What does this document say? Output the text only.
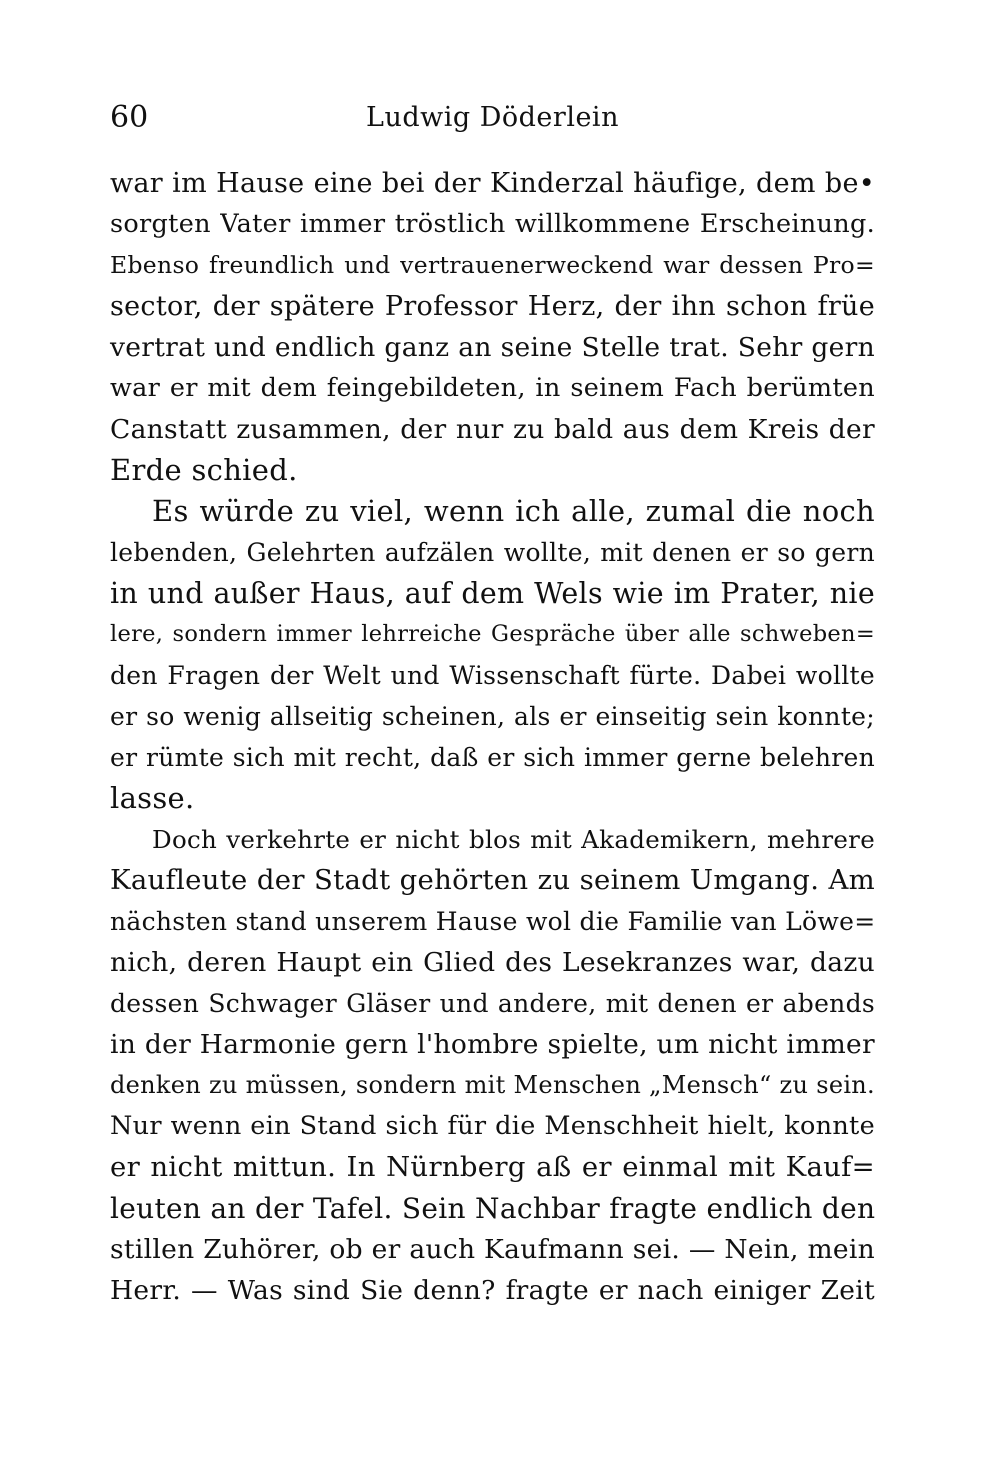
60	Ludwig Döderlein
war im Hause eine bei der Kinderzal häufige, dem be•
sorgten Vater immer tröstlich willkommene Erscheinung.
Ebenso freundlich und vertrauenerweckend war dessen Pro=
sector, der spätere Professor Herz, der ihn schon früe
vertrat und endlich ganz an seine Stelle trat. Sehr gern
war er mit dem feingebildeten, in seinem Fach berümten
Canstatt zusammen, der nur zu bald aus dem Kreis der
Erde schied.
Es würde zu viel, wenn ich alle, zumal die noch
lebenden, Gelehrten aufzälen wollte, mit denen er so gern
in und außer Haus, auf dem Wels wie im Prater, nie
lere, sondern immer lehrreiche Gespräche über alle schweben=
den Fragen der Welt und Wissenschaft fürte. Dabei wollte
er so wenig allseitig scheinen, als er einseitig sein konnte;
er rümte sich mit recht, daß er sich immer gerne belehren
lasse.
Doch verkehrte er nicht blos mit Akademikern, mehrere
Kaufleute der Stadt gehörten zu seinem Umgang. Am
nächsten stand unserem Hause wol die Familie van Löwe=
nich, deren Haupt ein Glied des Lesekranzes war, dazu
dessen Schwager Gläser und andere, mit denen er abends
in der Harmonie gern l'hombre spielte, um nicht immer
denken zu müssen, sondern mit Menschen „Mensch“ zu sein.
Nur wenn ein Stand sich für die Menschheit hielt, konnte
er nicht mittun. In Nürnberg aß er einmal mit Kauf=
leuten an der Tafel. Sein Nachbar fragte endlich den
stillen Zuhörer, ob er auch Kaufmann sei. — Nein, mein
Herr. — Was sind Sie denn? fragte er nach einiger Zeit
